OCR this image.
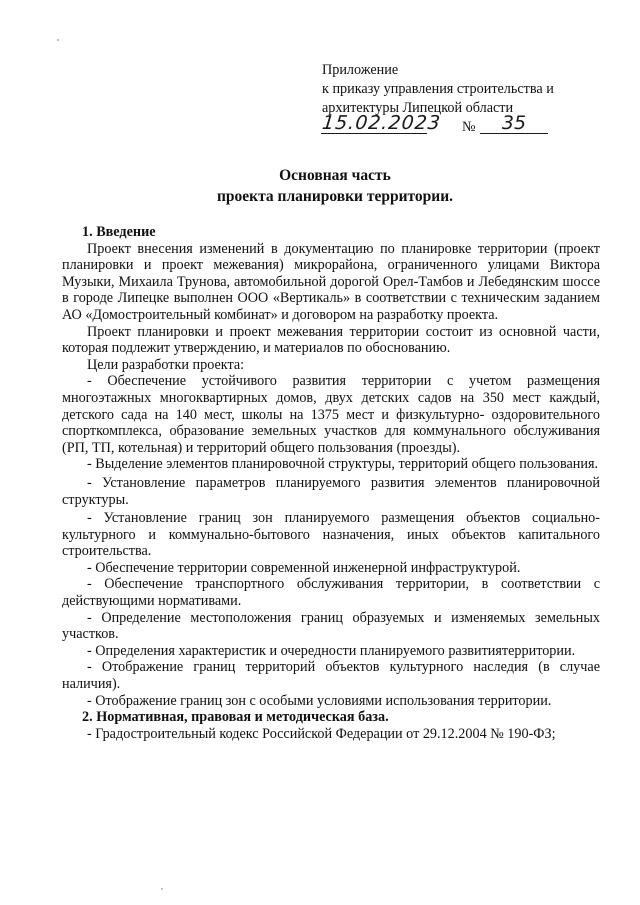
Приложение
к приказу управления строительства и
архитектуры Липецкой области
15.02.2023 №	35
Основная часть
проекта планировки территории.
1. Введение
Проект внесения изменений в документацию по планировке территории (проект планировки и проект межевания) микрорайона, ограниченного улицами Виктора Музыки, Михаила Трунова, автомобильной дорогой Орел-Тамбов и Лебедянским шоссе в городе Липецке выполнен ООО «Вертикаль» в соответствии с техническим заданием АО «Домостроительный комбинат» и договором на разработку проекта.
Проект планировки и проект межевания территории состоит из основной части, которая подлежит утверждению, и материалов по обоснованию.
Цели разработки проекта:
- Обеспечение устойчивого развития территории с учетом размещения многоэтажных многоквартирных домов, двух детских садов на 350 мест каждый, детского сада на 140 мест, школы на 1375 мест и физкультурно- оздоровительного спорткомплекса, образование земельных участков для коммунального обслуживания (РП, ТП, котельная) и территорий общего пользования (проезды).
- Выделение элементов планировочной структуры, территорий общего пользования.
- Установление параметров планируемого развития элементов планировочной структуры.
- Установление границ зон планируемого размещения объектов социально-культурного и коммунально-бытового назначения, иных объектов капитального строительства.
- Обеспечение территории современной инженерной инфраструктурой.
- Обеспечение транспортного обслуживания территории, в соответствии с действующими нормативами.
- Определение местоположения границ образуемых и изменяемых земельных участков.
- Определения характеристик и очередности планируемого развитиятерритории.
- Отображение границ территорий объектов культурного наследия (в случае наличия).
- Отображение границ зон с особыми условиями использования территории.
2. Нормативная, правовая и методическая база.
- Градостроительный кодекс Российской Федерации от 29.12.2004 № 190-ФЗ;
